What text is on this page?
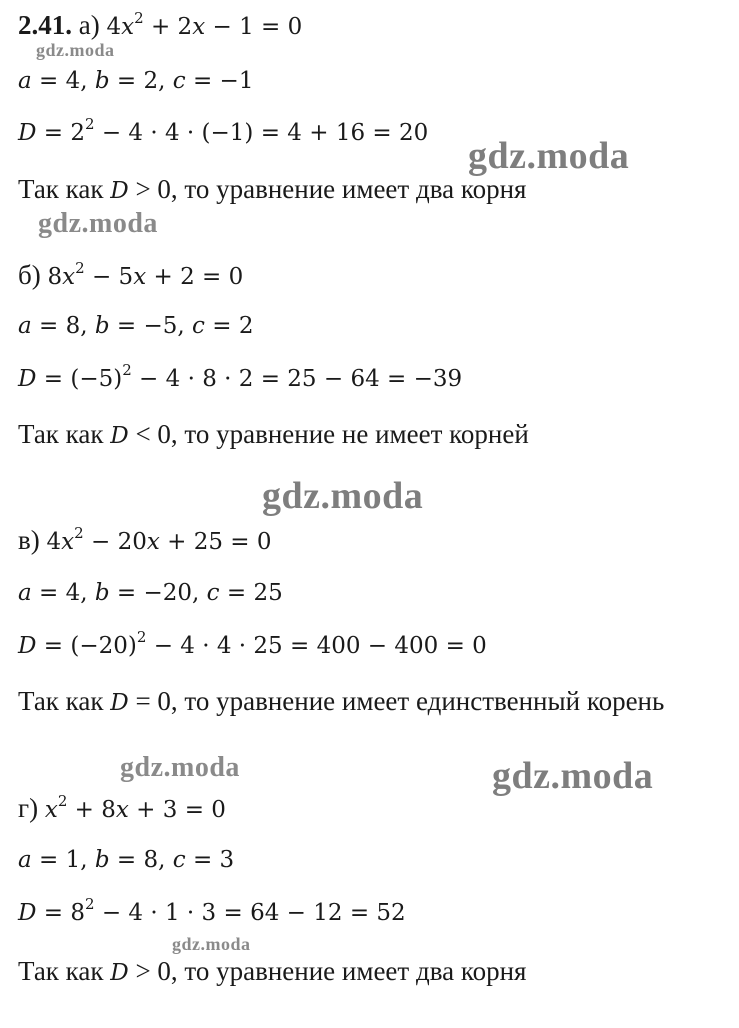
2.41. а) $4x^2 + 2x - 1 = 0$
gdz.moda
a = 4, b = 2, c = −1
$D = 2^2 - 4 \cdot 4 \cdot (-1) = 4 + 16 = 20$
gdz.moda
Так как D > 0, то уравнение имеет два корня
gdz.moda
б) $8x^2 - 5x + 2 = 0$
a = 8, b = −5, c = 2
$D = (-5)^2 - 4 \cdot 8 \cdot 2 = 25 - 64 = -39$
Так как D < 0, то уравнение не имеет корней
gdz.moda
в) $4x^2 - 20x + 25 = 0$
a = 4, b = −20, c = 25
$D = (-20)^2 - 4 \cdot 4 \cdot 25 = 400 - 400 = 0$
Так как D = 0, то уравнение имеет единственный корень
gdz.moda	gdz.moda
г) $x^2 + 8x + 3 = 0$
a = 1, b = 8, c = 3
$D = 8^2 - 4 \cdot 1 \cdot 3 = 64 - 12 = 52$
gdz.moda
Так как D > 0, то уравнение имеет два корня
